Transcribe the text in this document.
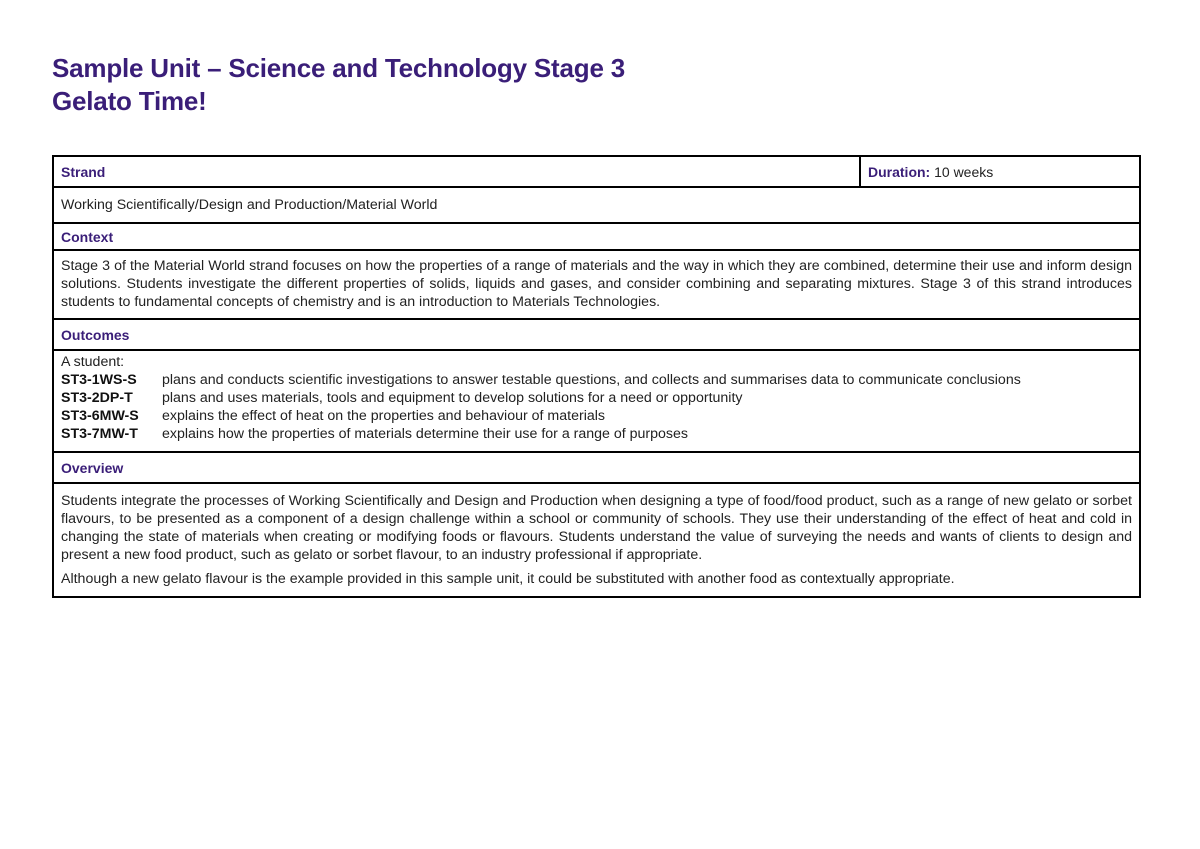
Sample Unit – Science and Technology Stage 3
Gelato Time!
Strand	Duration: 10 weeks
Working Scientifically/Design and Production/Material World
Context
Stage 3 of the Material World strand focuses on how the properties of a range of materials and the way in which they are combined, determine their use and inform design solutions. Students investigate the different properties of solids, liquids and gases, and consider combining and separating mixtures. Stage 3 of this strand introduces students to fundamental concepts of chemistry and is an introduction to Materials Technologies.
Outcomes

A student:
ST3-1WS-S	plans and conducts scientific investigations to answer testable questions, and collects and summarises data to communicate conclusions
ST3-2DP-T	plans and uses materials, tools and equipment to develop solutions for a need or opportunity
ST3-6MW-S	explains the effect of heat on the properties and behaviour of materials
ST3-7MW-T	explains how the properties of materials determine their use for a range of purposes

Overview

Students integrate the processes of Working Scientifically and Design and Production when designing a type of food/food product, such as a range of new gelato or sorbet flavours, to be presented as a component of a design challenge within a school or community of schools. They use their understanding of the effect of heat and cold in changing the state of materials when creating or modifying foods or flavours. Students understand the value of surveying the needs and wants of clients to design and present a new food product, such as gelato or sorbet flavour, to an industry professional if appropriate.

Although a new gelato flavour is the example provided in this sample unit, it could be substituted with another food as contextually appropriate.
